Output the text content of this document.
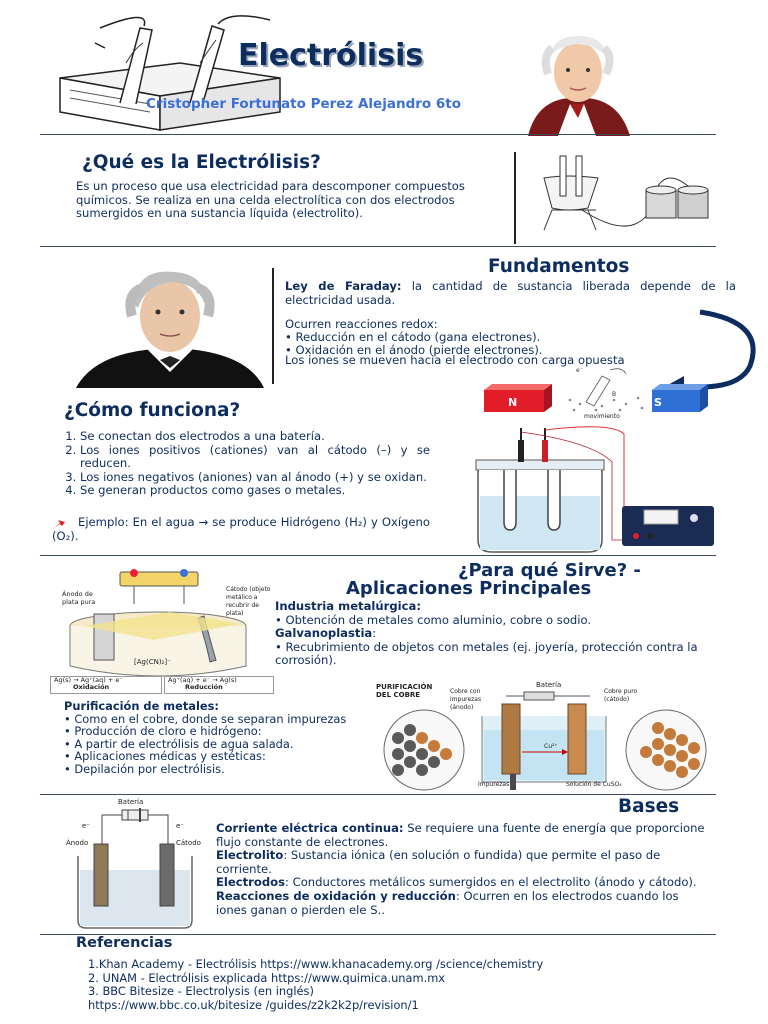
Electrólisis
Cristopher Fortunato Perez Alejandro 6to
¿Qué es la Electrólisis?
Es un proceso que usa electricidad para descomponer compuestos químicos. Se realiza en una celda electrolítica con dos electrodos sumergidos en una sustancia líquida (electrolito).
Fundamentos
Ley de Faraday: la cantidad de sustancia liberada depende de la electricidad usada.
Ocurren reacciones redox:
• Reducción en el cátodo (gana electrones).
• Oxidación en el ánodo (pierde electrones).
Los iones se mueven hacia el electrodo con carga opuesta
e⁻
B
N	S
movimiento
¿Cómo funciona?
1. Se conectan dos electrodos a una batería.
2. Los iones positivos (cationes) van al cátodo (–) y se reducen.
3. Los iones negativos (aniones) van al ánodo (+) y se oxidan.
4. Se generan productos como gases o metales.
Ejemplo: En el agua → se produce Hidrógeno (H₂) y Oxígeno (O₂).
¿Para qué Sirve? -
Aplicaciones Principales
Ánodo de plata pura
Cátodo (objeto metálico a recubrir de plata)
[Ag(CN)₂]⁻
Ag(s) → Ag⁺(aq) + e⁻
Oxidación
Ag⁺(aq) + e⁻ → Ag(s)
Reducción
Industria metalúrgica:
• Obtención de metales como aluminio, cobre o sodio.
Galvanoplastia:
• Recubrimiento de objetos con metales (ej. joyería, protección contra la corrosión).
Purificación de metales:
• Como en el cobre, donde se separan impurezas
• Producción de cloro e hidrógeno:
• A partir de electrólisis de agua salada.
• Aplicaciones médicas y estéticas:
• Depilación por electrólisis.
PURIFICACIÓN DEL COBRE
Batería
Cobre con impurezas (ánodo)
Cobre puro (cátodo)
Impurezas	Solución de CuSO₄
Cu²⁺
Bases
Batería
Ánodo	Cátodo
e⁻	e⁻	Corriente eléctrica continua: Se requiere una fuente de energía que proporcione flujo constante de electrones.
Electrolito: Sustancia iónica (en solución o fundida) que permite el paso de corriente.
Electrodos: Conductores metálicos sumergidos en el electrolito (ánodo y cátodo).
Reacciones de oxidación y reducción: Ocurren en los electrodos cuando los iones ganan o pierden ele S..
Referencias
1.Khan Academy - Electrólisis https://www.khanacademy.org /science/chemistry
2. UNAM - Electrólisis explicada https://www.quimica.unam.mx
3. BBC Bitesize - Electrolysis (en inglés)
https://www.bbc.co.uk/bitesize /guides/z2k2k2p/revision/1
